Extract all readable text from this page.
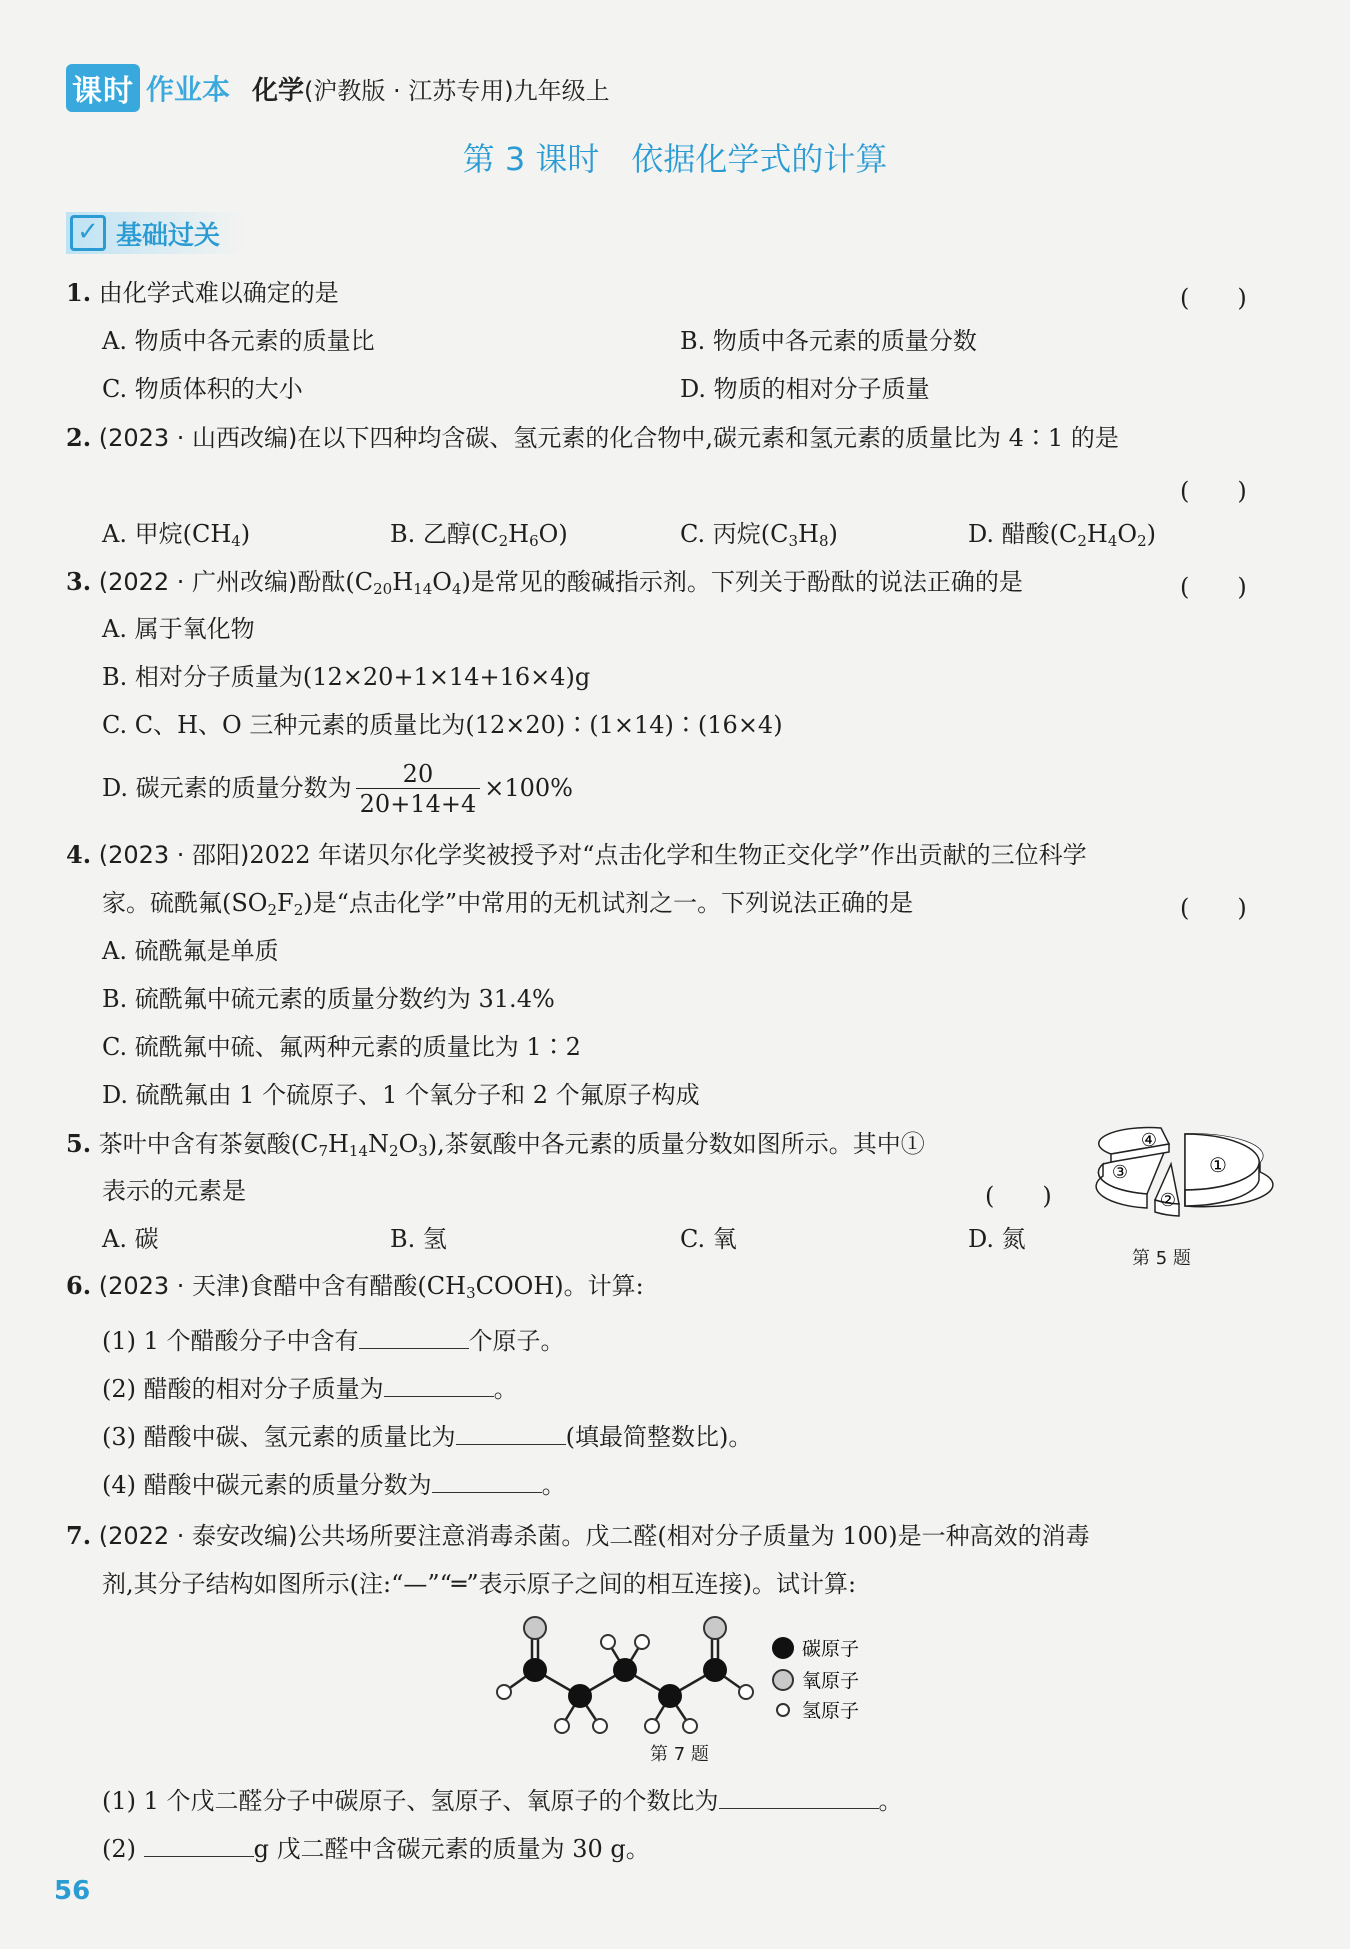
课时 作业本 化学(沪教版 · 江苏专用)九年级上
第 3 课时　依据化学式的计算
✓ 基础过关
1. 由化学式难以确定的是	(　　)
A. 物质中各元素的质量比	B. 物质中各元素的质量分数
C. 物质体积的大小	D. 物质的相对分子质量
2. (2023 · 山西改编)在以下四种均含碳、氢元素的化合物中,碳元素和氢元素的质量比为 4∶1 的是
(　　)
A. 甲烷$(CH_4)$	B. 乙醇$(C_2H_6O)$	C. 丙烷$(C_3H_8)$	D. 醋酸$(C_2H_4O_2)$
3. (2022 · 广州改编)酚酞$(C_{20}H_{14}O_4)$是常见的酸碱指示剂。下列关于酚酞的说法正确的是	(　　)
A. 属于氧化物
B. 相对分子质量为(12×20+1×14+16×4)g
C. C、H、O 三种元素的质量比为(12×20)∶(1×14)∶(16×4)
D. 碳元素的质量分数为 $\frac{20}{20+14+4} \times 100\%$
4. (2023 · 邵阳)2022 年诺贝尔化学奖被授予对“点击化学和生物正交化学”作出贡献的三位科学
家。硫酰氟$(SO_2F_2)$是“点击化学”中常用的无机试剂之一。下列说法正确的是	(　　)
A. 硫酰氟是单质
B. 硫酰氟中硫元素的质量分数约为 31.4%
C. 硫酰氟中硫、氟两种元素的质量比为 1∶2
D. 硫酰氟由 1 个硫原子、1 个氧分子和 2 个氟原子构成
5. 茶叶中含有茶氨酸$(C_7H_{14}N_2O_3)$,茶氨酸中各元素的质量分数如图所示。其中①
表示的元素是	(　　)
A. 碳	B. 氢	C. 氧	D. 氮
①
②
③
④
第 5 题
6. (2023 · 天津)食醋中含有醋酸$(CH_3COOH)$。计算:
(1) 1 个醋酸分子中含有	个原子。
(2) 醋酸的相对分子质量为	。
(3) 醋酸中碳、氢元素的质量比为	(填最简整数比)。
(4) 醋酸中碳元素的质量分数为	。
7. (2022 · 泰安改编)公共场所要注意消毒杀菌。戊二醛(相对分子质量为 100)是一种高效的消毒
剂,其分子结构如图所示(注:“—”“═”表示原子之间的相互连接)。试计算:
碳原子
氧原子
氢原子
第 7 题
(1) 1 个戊二醛分子中碳原子、氢原子、氧原子的个数比为	。
(2)	g 戊二醛中含碳元素的质量为 30 g。
56
